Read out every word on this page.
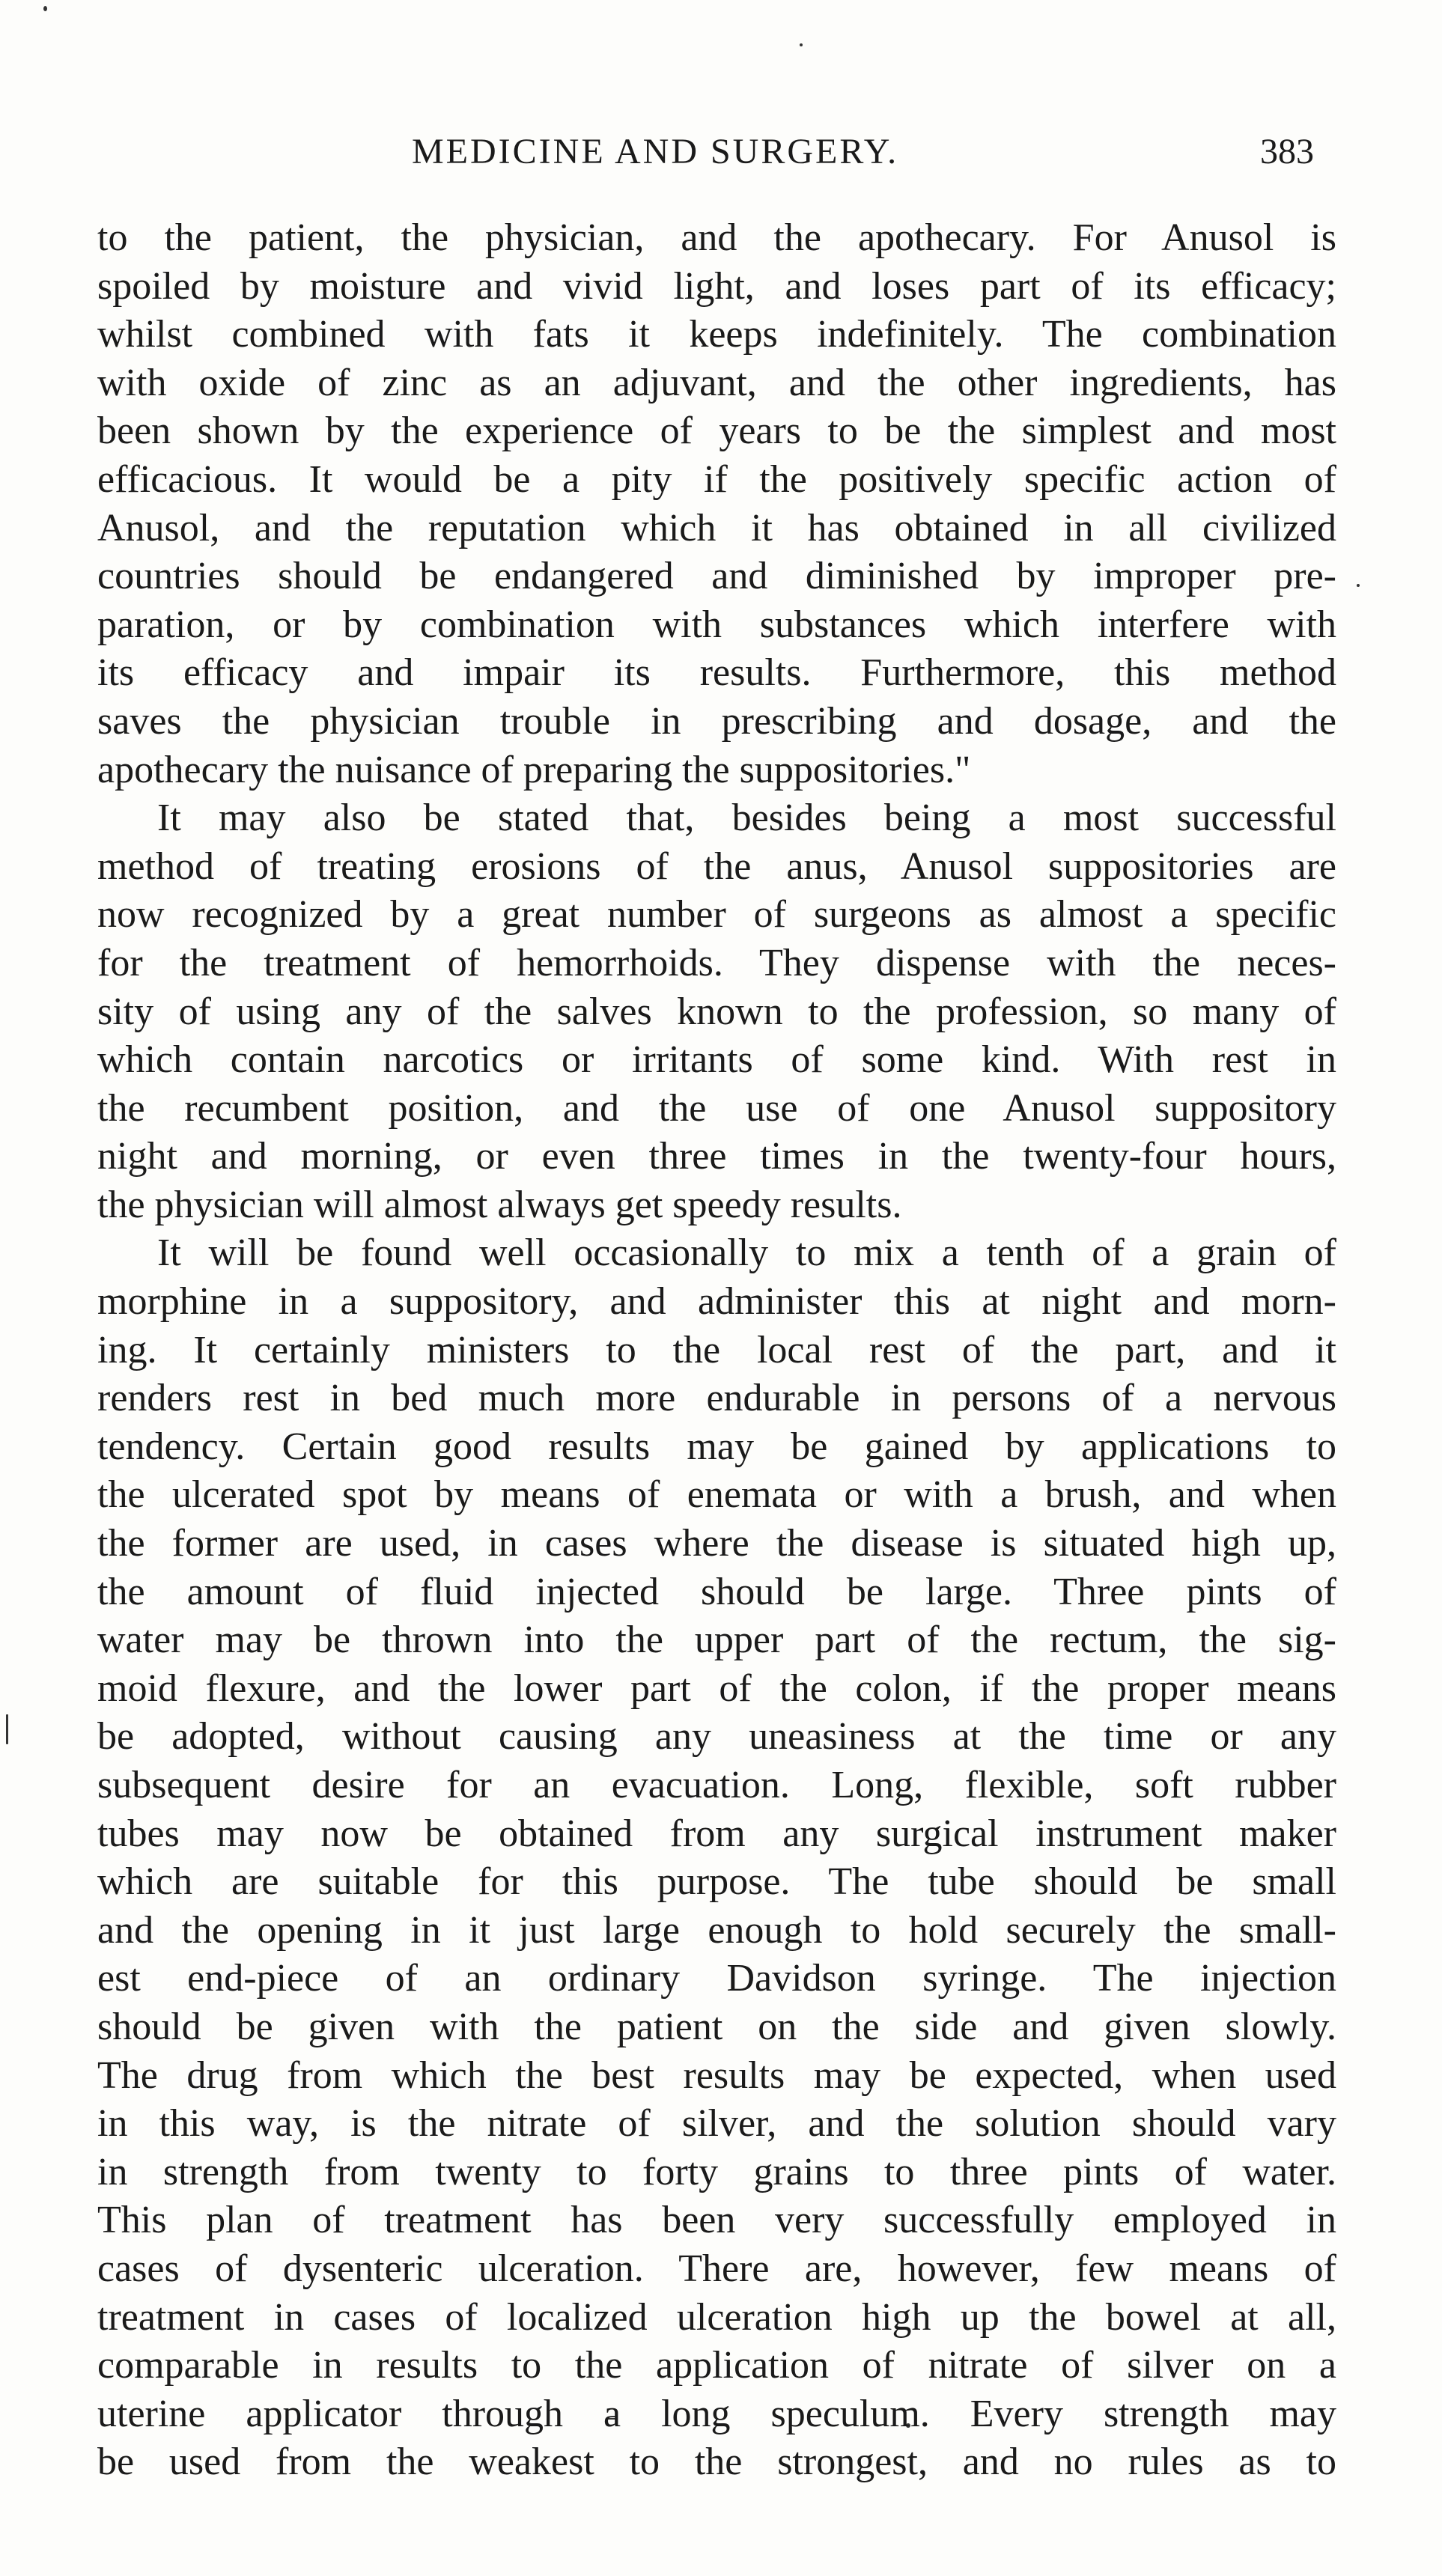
MEDICINE AND SURGERY.	383
to the patient, the physician, and the apothecary. For Anusol is
spoiled by moisture and vivid light, and loses part of its efficacy;
whilst combined with fats it keeps indefinitely. The combination
with oxide of zinc as an adjuvant, and the other ingredients, has
been shown by the experience of years to be the simplest and most
efficacious. It would be a pity if the positively specific action of
Anusol, and the reputation which it has obtained in all civilized
countries should be endangered and diminished by improper pre-
paration, or by combination with substances which interfere with
its efficacy and impair its results. Furthermore, this method
saves the physician trouble in prescribing and dosage, and the
apothecary the nuisance of preparing the suppositories."
It may also be stated that, besides being a most successful
method of treating erosions of the anus, Anusol suppositories are
now recognized by a great number of surgeons as almost a specific
for the treatment of hemorrhoids. They dispense with the neces-
sity of using any of the salves known to the profession, so many of
which contain narcotics or irritants of some kind. With rest in
the recumbent position, and the use of one Anusol suppository
night and morning, or even three times in the twenty-four hours,
the physician will almost always get speedy results.
It will be found well occasionally to mix a tenth of a grain of
morphine in a suppository, and administer this at night and morn-
ing. It certainly ministers to the local rest of the part, and it
renders rest in bed much more endurable in persons of a nervous
tendency. Certain good results may be gained by applications to
the ulcerated spot by means of enemata or with a brush, and when
the former are used, in cases where the disease is situated high up,
the amount of fluid injected should be large. Three pints of
water may be thrown into the upper part of the rectum, the sig-
moid flexure, and the lower part of the colon, if the proper means
be adopted, without causing any uneasiness at the time or any
subsequent desire for an evacuation. Long, flexible, soft rubber
tubes may now be obtained from any surgical instrument maker
which are suitable for this purpose. The tube should be small
and the opening in it just large enough to hold securely the small-
est end-piece of an ordinary Davidson syringe. The injection
should be given with the patient on the side and given slowly.
The drug from which the best results may be expected, when used
in this way, is the nitrate of silver, and the solution should vary
in strength from twenty to forty grains to three pints of water.
This plan of treatment has been very successfully employed in
cases of dysenteric ulceration. There are, however, few means of
treatment in cases of localized ulceration high up the bowel at all,
comparable in results to the application of nitrate of silver on a
uterine applicator through a long speculum. Every strength may
be used from the weakest to the strongest, and no rules as to
